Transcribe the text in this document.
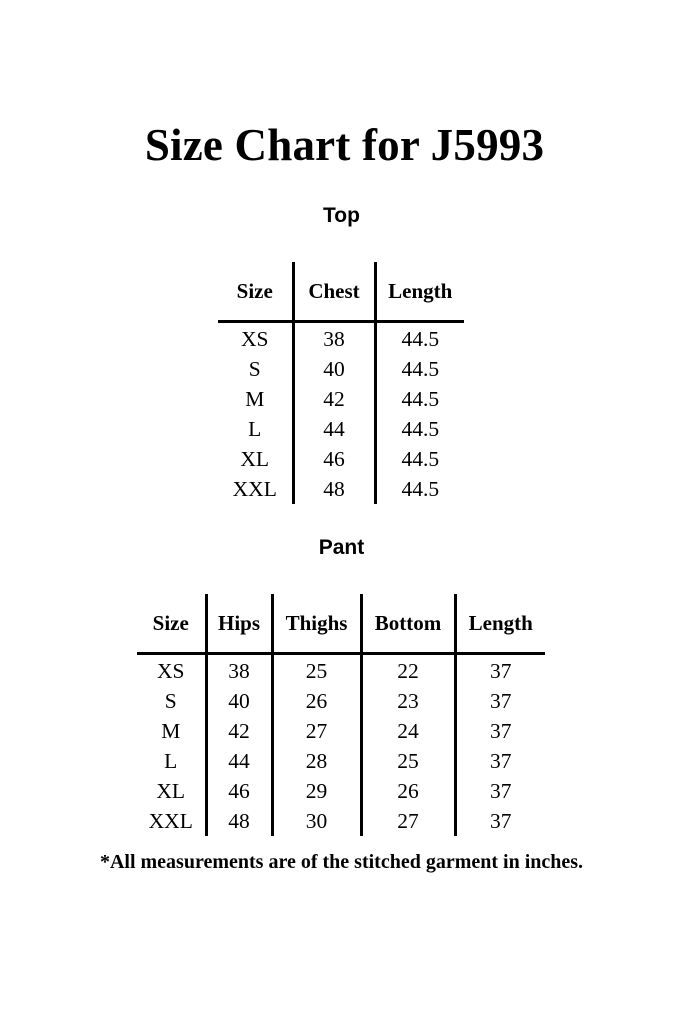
Size Chart for J5993
Top
Size	Chest	Length
XS	38	44.5
S	40	44.5
M	42	44.5
L	44	44.5
XL	46	44.5
XXL	48	44.5
Pant
Size	Hips	Thighs	Bottom	Length
XS	38	25	22	37
S	40	26	23	37
M	42	27	24	37
L	44	28	25	37
XL	46	29	26	37
XXL	48	30	27	37
*All measurements are of the stitched garment in inches.
